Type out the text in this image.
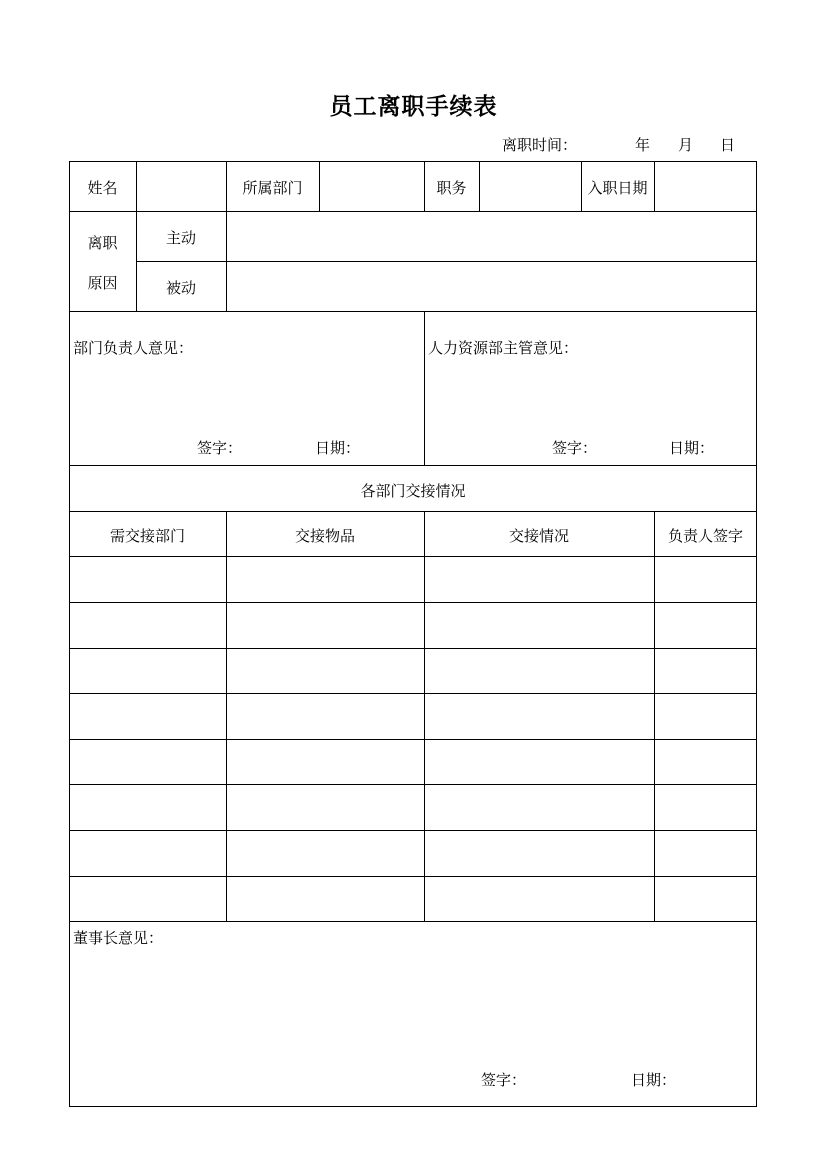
员工离职手续表
离职时间：	年 月 日
姓名	所属部门	职务	入职日期
离职
原因
主动
被动
部门负责人意见：
签字：	日期：
人力资源部主管意见：
签字：	日期：
各部门交接情况
需交接部门	交接物品	交接情况	负责人签字
董事长意见：
签字：	日期：
